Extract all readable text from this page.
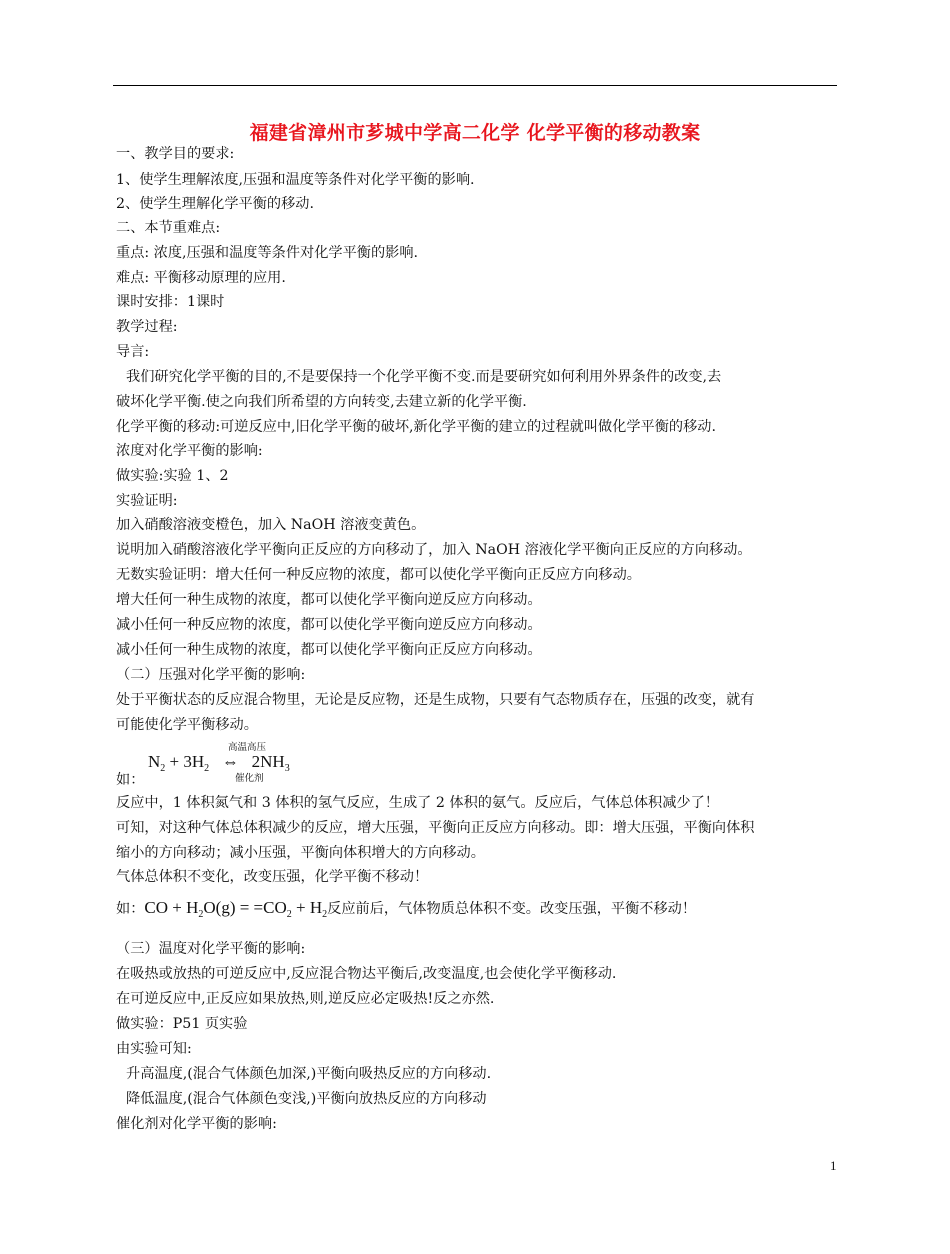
福建省漳州市芗城中学高二化学 化学平衡的移动教案
一、教学目的要求:
1、使学生理解浓度,压强和温度等条件对化学平衡的影响.
2、使学生理解化学平衡的移动.
二、本节重难点:
重点: 浓度,压强和温度等条件对化学平衡的影响.
难点: 平衡移动原理的应用.
课时安排：1课时
教学过程:
导言:
我们研究化学平衡的目的,不是要保持一个化学平衡不变.而是要研究如何利用外界条件的改变,去
破坏化学平衡.使之向我们所希望的方向转变,去建立新的化学平衡.
化学平衡的移动:可逆反应中,旧化学平衡的破坏,新化学平衡的建立的过程就叫做化学平衡的移动.
浓度对化学平衡的影响:
做实验:实验 1、2
实验证明:
加入硝酸溶液变橙色，加入 NaOH 溶液变黄色。
说明加入硝酸溶液化学平衡向正反应的方向移动了，加入 NaOH 溶液化学平衡向正反应的方向移动。
无数实验证明：增大任何一种反应物的浓度，都可以使化学平衡向正反应方向移动。
增大任何一种生成物的浓度，都可以使化学平衡向逆反应方向移动。
减小任何一种反应物的浓度，都可以使化学平衡向逆反应方向移动。
减小任何一种生成物的浓度，都可以使化学平衡向正反应方向移动。
（二）压强对化学平衡的影响:
处于平衡状态的反应混合物里，无论是反应物，还是生成物，只要有气态物质存在，压强的改变，就有
可能使化学平衡移动。
高温高压
$N_2 + 3H_2$ ⇔ $2NH_3$
催化剂
如：
反应中，1 体积氮气和 3 体积的氢气反应，生成了 2 体积的氨气。反应后，气体总体积减少了！
可知，对这种气体总体积减少的反应，增大压强，平衡向正反应方向移动。即：增大压强，平衡向体积
缩小的方向移动；减小压强，平衡向体积增大的方向移动。
气体总体积不变化，改变压强，化学平衡不移动！
如：CO + $H_2O(g) = =CO_2 + H_2$反应前后，气体物质总体积不变。改变压强，平衡不移动！
（三）温度对化学平衡的影响:
在吸热或放热的可逆反应中,反应混合物达平衡后,改变温度,也会使化学平衡移动.
在可逆反应中,正反应如果放热,则,逆反应必定吸热!反之亦然.
做实验：P51 页实验
由实验可知:
升高温度,(混合气体颜色加深,)平衡向吸热反应的方向移动.
降低温度,(混合气体颜色变浅,)平衡向放热反应的方向移动
催化剂对化学平衡的影响:
1
